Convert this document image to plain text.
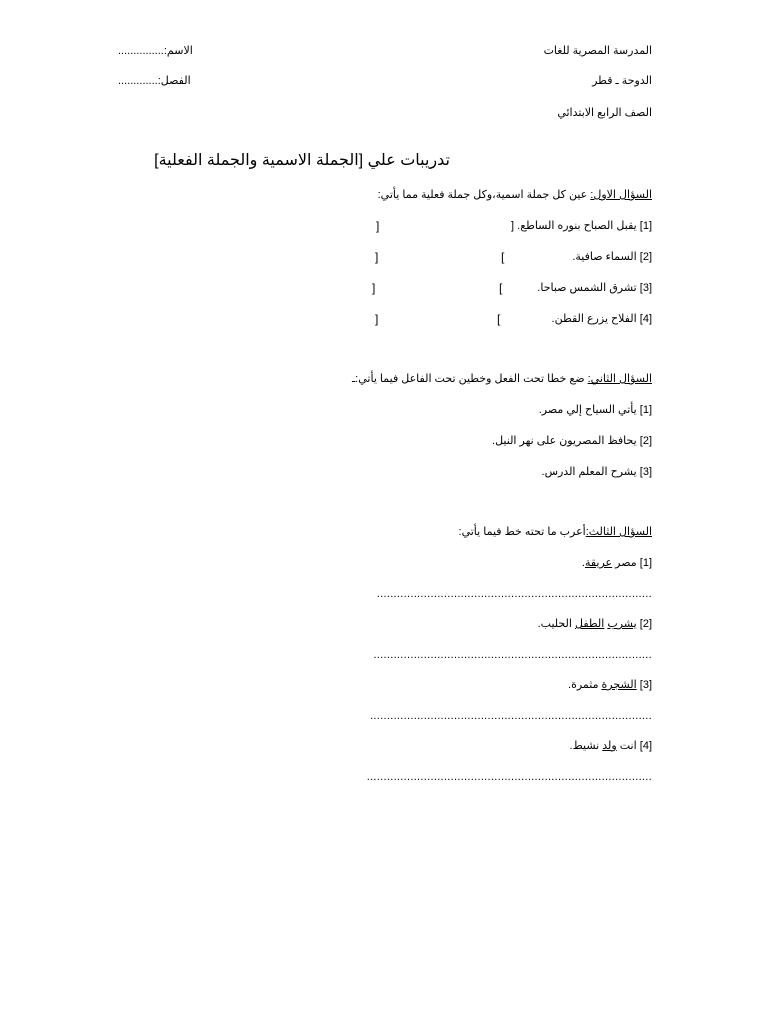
المدرسة المصرية للغات
الدوحة ـ قطر
الصف الرابع الابتدائي
الاسم:...............
الفصل:.............
تدريبات علي [الجملة الاسمية والجملة الفعلية]
السؤال الاول: عين كل جملة اسمية،وكل جملة فعلية مما يأتي:
[1] يقبل الصباح بنوره الساطع. [
]
[2] السماء صافية.
[
]
[3] تشرق الشمس صباحا.
[
]
[4] الفلاح يزرع القطن.
[
]
السؤال الثاني: ضع خطا تحت الفعل وخطين تحت الفاعل فيما يأتي:ـ
[1] يأتي السياح إلي مصر.
[2] يحافظ المصريون على نهر النيل.
[3] يشرح المعلم الدرس.
السؤال الثالث:أعرب ما تحته خط فيما يأتي:
[1] مصر عريقة.
..................................................................................
[2] يشرب الطفل الحليب.
...................................................................................
[3] الشجرة مثمرة.
....................................................................................
[4] انت ولد نشيط.
.....................................................................................
